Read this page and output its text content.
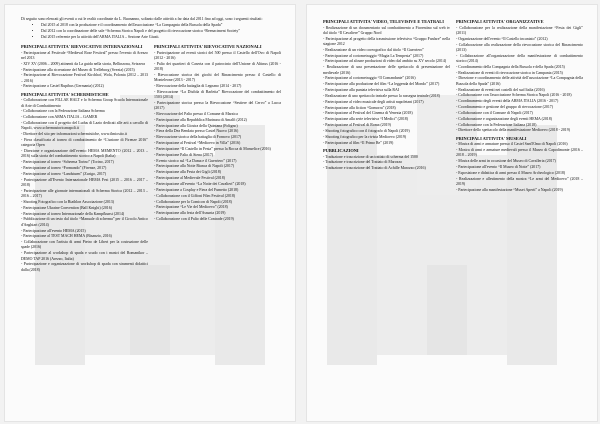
Di seguito sono elencati gli eventi a cui le realtà coordinate da L. Buonanno, soltanto dalle attività a far data dal 2011 fino ad oggi, sono i seguenti risultati:

• Dal 2015 al 2018 con la produzione e il coordinamento dell'associazione “La Compagnia della Bussola della Spada”
• Dal 2012 con la coordinazione delle sale “Scherma Storica Napoli e del progetto di rievocazione storica “Reenactment Society”
• Dal 2015 referente per la attività dell'ARMA ITALIA – Sezione Arte Giusti.
PRINCIPALI ATTIVITA' RIEVOCATIVE INTERNAZIONALI
- Partecipazione al Festivale “Medieval Rose Festival” presso l'evento di Arezzo nel 2013
- XIV XV (2006 – 2009) attinenti da La guida nella storia, Bellinzona, Svizzera
- Partecipazione alla ricreazione del Museo di Trelleborg (Svezia) (2015)
- Partecipazione al Rievocazione Festival Kirchhof, Wola, Polonia (2012 – 2013 – 2016)
- Partecipazione a Castel Rupibus (Germania) (2012)
PRINCIPALI ATTIVITA' SCHERMISTICHE
- Collaborazione con FILLAE HALT e lo Scherma Group Scuola Internazionale di Arte di Combattimento
- Collaborazione con la Federazione Italiana Scherma
- Collaborazione con ARMA ITALIA – GAMER
- Collaborazione con il progetto del Ludus di Lazio dedicati alle arti a cavallo di Napoli, www.schermastoricanapoli.it
- Direttore del sito per informazioni schermistiche, www.ilmiosito.it
- Fiera classificata al torneo di combattimento de “L'unione di Firenze 2016” categoria Open
- Direzione e organizzazione dell'evento HEMA MEMENTO (2012 – 2013 – 2016) sulla storia del combattimento storico a Napoli (Italia)
- Partecipazione al torneo “Scherma Torino” (Torino, 2017)
- Partecipazione al torneo “Formando” (Firenze, 2017)
- Partecipazione al torneo “Landsturm” (Zurigo, 2017)
- Partecipazione all'Evento Internazionale HEMA Fest (2015 – 2016 – 2017 – 2018)
- Partecipazione alle giornate internazionali di Scherma Storica (2012 – 2013 – 2016 – 2017)
- Shooting Fotografico con la Biathlon Associazione (2013)
- Partecipazione Ukraine Convention (Ball Knight) (2016)
- Partecipazione al torneo Internazionale della Kampfkunst (2014)
- Pubblicazione di un testo dal titolo “Manuale di scherma” per il Circolo Antico d'Anghiari (2014)
- Partecipazione all'evento HEMA (2015)
- Partecipazione al TEST MACH HEMA (Bisanzio, 2016)
- Collaborazione con l'artista di armi Pietro de Liberi per la costruzione delle spade (2016)
- Partecipazione al workshop di spada e scudo con i mastri del Romanikor – DEMO TAP 2016 (Arezzo, Italia)
- Partecipazione e organizzazione di workshop di spada con strumenti didattici dalla (2018)
PRINCIPALI ATTIVITA' RIEVOCATIVE NAZIONALI
- Partecipazione ad eventi storici del 500 presso il Castello dell'Ovo di Napoli (2012 - 2016)
- Palio dei quartieri di Caserta con il patrocinio dell'Unione di Altinus (2016 - 2018)
- Rievocazione storica dei giochi del Rinascimento presso il Castello di Monteleone (2013 - 2017)
- Rievocazione della battaglia di Legnano (2014 - 2017)
- Rievocazione “La Disfida di Barletta” Rievocazione del combattimento del 1503 (2014)
- Partecipazione storica presso la Rievocazione “Sestiere del Cervo” a Lucca (2017)
- Rievocazione del Palio presso il Comune di Marsica
- Partecipazione alla Repubblica Marinara di Amalfi (2012)
- Partecipazione alla Giostra della Quintana (Foligno)
- Fiera della Dea Bendata presso Castel Nuovo (2016)
- Rievocazione storica della battaglia di Fornovo (2017)
- Partecipazione al Festival “Medioevo in Villa” (2016)
- Partecipazione “Il Castello in Festa” presso la Rocca di Monselice (2016)
- Partecipazione Palio di Siena (2017)
- Evento storico sul “La Dama e il Guerriero” (2017)
- Partecipazione alla Notte Bianca di Napoli (2017)
- Partecipazione alla Festa dei Gigli (2018)
- Partecipazione al Medievale Festival (2018)
- Partecipazione all'evento “La Notte dei Cavalieri” (2018)
- Partecipazione a Cosplay e Fiera del Fumetto (2018)
- Collaborazione con il Giffoni Film Festival (2018)
- Collaborazione per la Comicon di Napoli (2018)
- Partecipazione “Le Vie del Medioevo” (2018)
- Partecipazione alla festa dell'Assunta (2019)
- Collaborazione con il Palio delle Contrade (2019)
PRINCIPALI ATTIVITA' VIDEO, TELEVISIVE E TEATRALI
- Realizzazione di un documentario sul combattimento a Fiorentino sul web tv dal titolo “Il Cavaliere” Gruppo Nord
- Partecipazione al progetto della trasmissione televisiva “Gruppo Fanfare” nella stagione 2012
- Realizzazione di un video coreografico dal titolo “Il Guerriero”
- Partecipazione al cortometraggio “Magia La Tempesta” (2017)
- Partecipazione ad alcune produzioni di video dal ambito su XV secolo (2014)
- Realizzazione di una presentazione delle spettacolo di presentazione del medievale (2016)
- Partecipazione al cortometraggio “Il Comandante” (2016)
- Partecipazione alla produzione del film “La leggenda del Mondo” (2017)
- Partecipazione alla puntata televisiva sulla RAI
- Realizzazione di uno spettacolo teatrale presso la rassegna teatrale (2018)
- Partecipazione al video musicale degli artisti napoletani (2017)
- Partecipazione alla fiction “Gomorra” (2018)
- Partecipazione al Festival del Cinema di Venezia (2018)
- Partecipazione alla serie televisiva “I Medici” (2018)
- Partecipazione al Festival di Roma (2019)
- Shooting fotografico con il fotografo di Napoli (2019)
- Shooting fotografico per la rivista Medioevo (2019)
- Partecipazione al film “Il Primo Re” (2019)
PUBBLICAZIONI
- Traduzione e trascrizione di un trattato di scherma del 1500
- Traduzione e trascrizione del Trattato di Marozzo
- Traduzione e trascrizione del Trattato di Achille Marozzo (2016)
PRINCIPALI ATTIVITA' ORGANIZZATIVE
- Collaborazione per la realizzazione della manifestazione “Festa dei Gigli” (2011)
- Organizzazione dell'evento “Il Castello incantato” (2012)
- Collaborazione alla realizzazione della rievocazione storica del Rinascimento (2013)
- Collaborazione all'organizzazione della manifestazione di combattimento storico (2014)
- Coordinamento della Compagnia della Bussola e della Spada (2015)
- Realizzazione di eventi di rievocazione storica in Campania (2015)
- Direzione e coordinamento delle attività dell'associazione “La Compagnia della Bussola della Spada” (2016)
- Realizzazione di eventi nei castelli del sud Italia (2016)
- Collaborazione con l'associazione Scherma Storica Napoli (2016 - 2018)
- Coordinamento degli eventi della ARMA ITALIA (2016 - 2017)
- Coordinamento e gestione del gruppo di rievocazione (2017)
- Collaborazione con il Comune di Napoli (2017)
- Collaborazione e organizzazione degli eventi HEMA (2018)
- Collaborazione con la Federazione Italiana (2018)
- Direttore dello spettacolo della manifestazione Medioevo (2018 - 2019)
PRINCIPALI ATTIVITA' MUSEALI
- Mostra di armi e armature presso il Castel Sant'Elmo di Napoli (2016)
- Mostra di armi e armature medievali presso il Museo di Capodimonte (2016 – 2018 – 2019)
- Mostra delle armi in occasione del Museo di Cavalleria (2017)
- Partecipazione all'evento “Il Museo di Notte” (2017)
- Esposizione e didattica di armi presso il Museo Archeologico (2018)
- Realizzazione e allestimento della mostra “Le armi del Medioevo” (2018 – 2019)
- Partecipazione alla manifestazione “Musei Aperti” a Napoli (2019)
